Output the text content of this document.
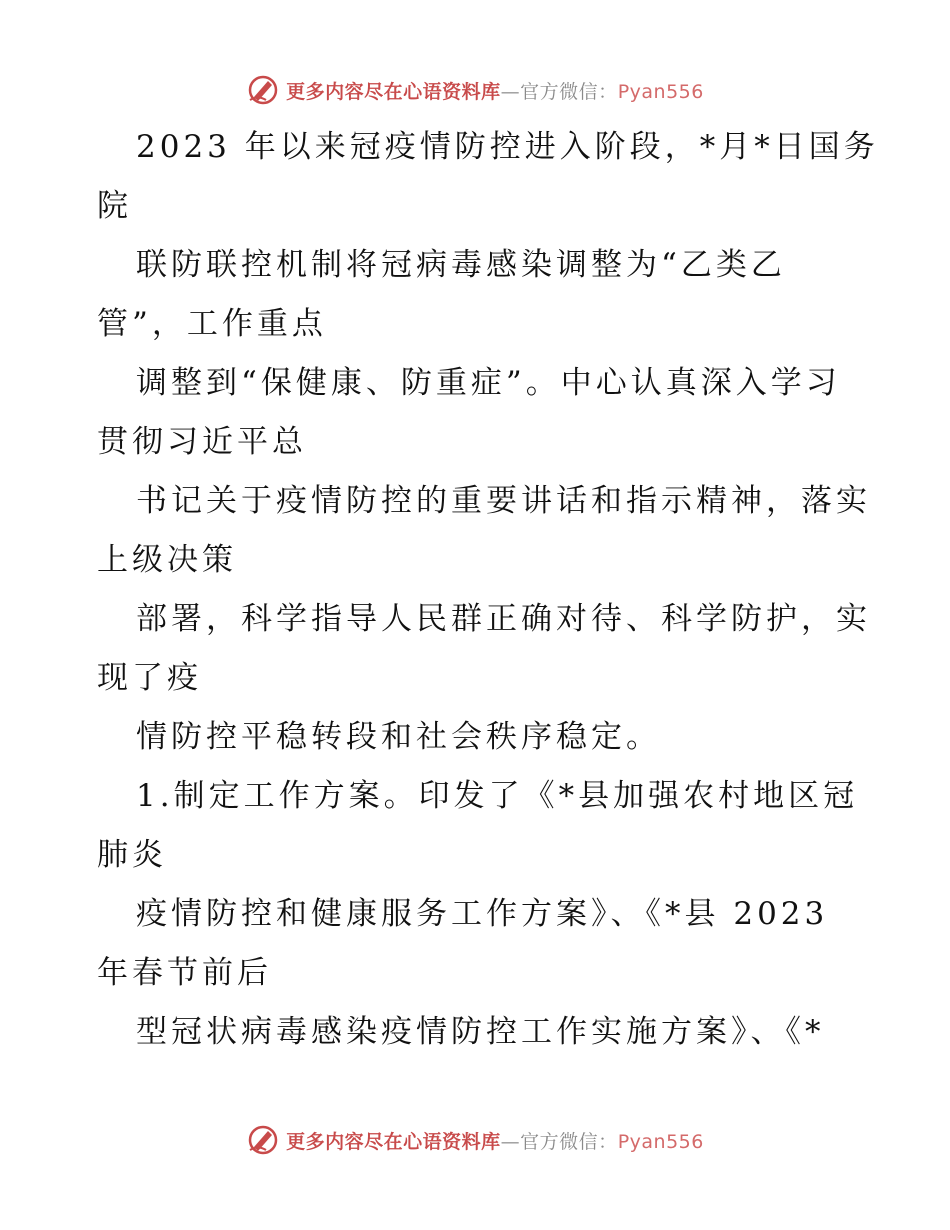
更多内容尽在心语资料库—官方微信：Pyan556
2023 年以来冠疫情防控进入阶段，*月*日国务
院
联防联控机制将冠病毒感染调整为“乙类乙
管”，工作重点
调整到“保健康、防重症”。中心认真深入学习
贯彻习近平总
书记关于疫情防控的重要讲话和指示精神，落实
上级决策
部署，科学指导人民群正确对待、科学防护，实
现了疫
情防控平稳转段和社会秩序稳定。
1.制定工作方案。印发了《*县加强农村地区冠
肺炎
疫情防控和健康服务工作方案》、《*县 2023
年春节前后
型冠状病毒感染疫情防控工作实施方案》、《*
更多内容尽在心语资料库—官方微信：Pyan556
